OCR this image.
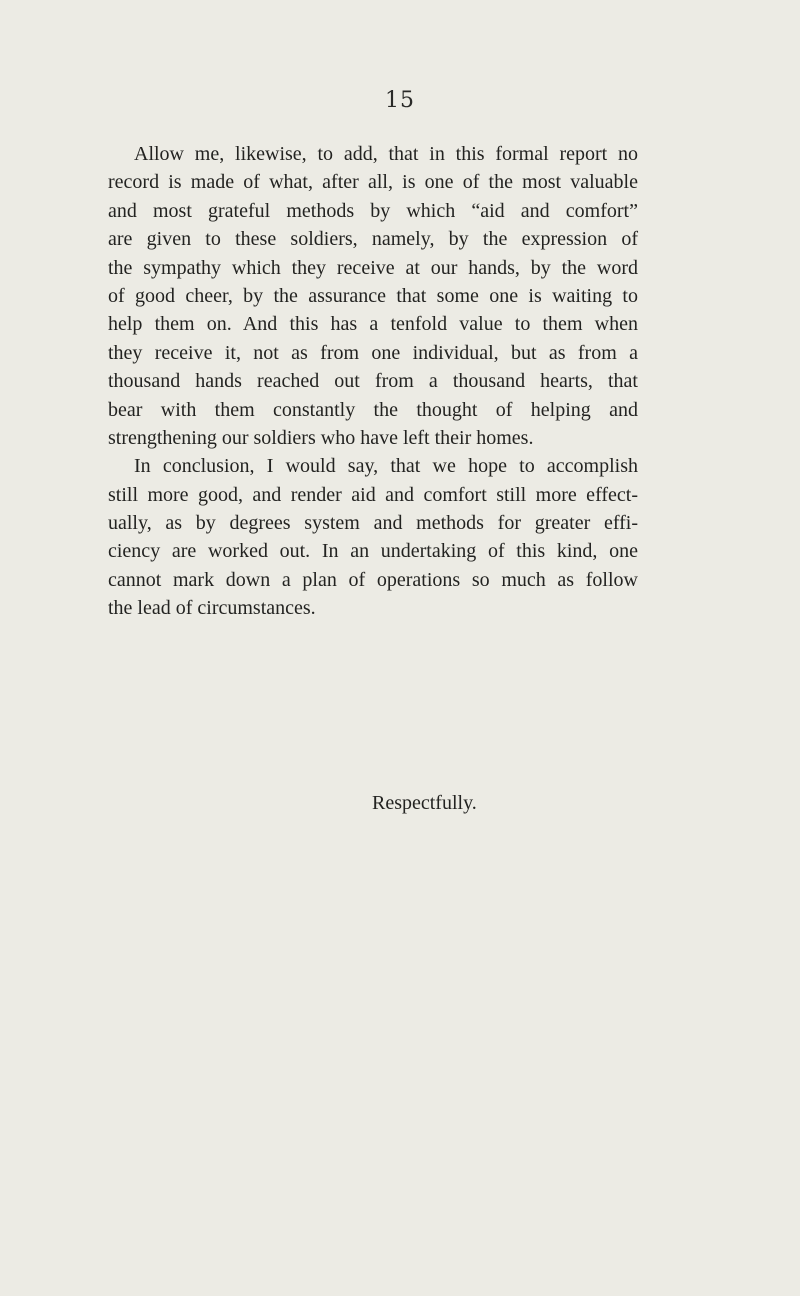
15
Allow me, likewise, to add, that in this formal report no
record is made of what, after all, is one of the most valuable
and most grateful methods by which “aid and comfort”
are given to these soldiers, namely, by the expression of
the sympathy which they receive at our hands, by the word
of good cheer, by the assurance that some one is waiting to
help them on. And this has a tenfold value to them when
they receive it, not as from one individual, but as from a
thousand hands reached out from a thousand hearts, that
bear with them constantly the thought of helping and
strengthening our soldiers who have left their homes.
In conclusion, I would say, that we hope to accomplish
still more good, and render aid and comfort still more effect-
ually, as by degrees system and methods for greater effi-
ciency are worked out. In an undertaking of this kind, one
cannot mark down a plan of operations so much as follow
the lead of circumstances.
Respectfully.
